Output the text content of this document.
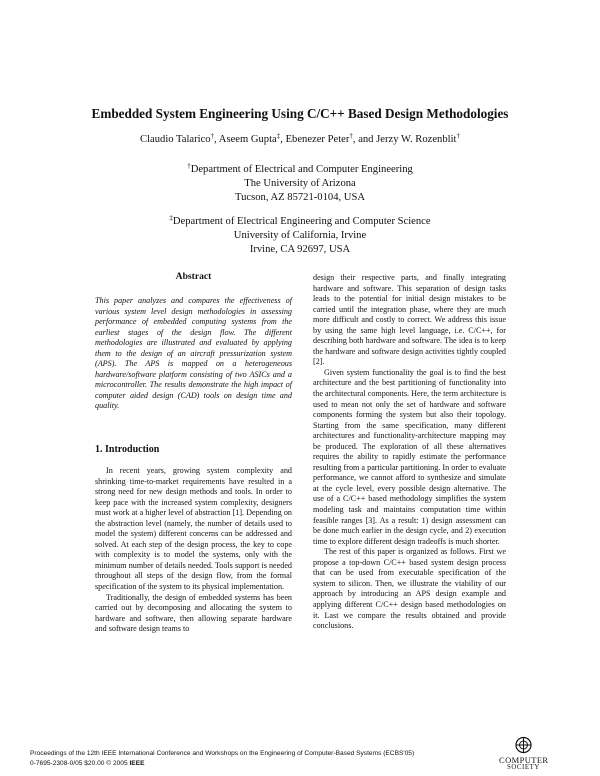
Embedded System Engineering Using C/C++ Based Design Methodologies
Claudio Talarico†, Aseem Gupta‡, Ebenezer Peter†, and Jerzy W. Rozenblit†
†Department of Electrical and Computer Engineering
The University of Arizona
Tucson, AZ 85721-0104, USA
‡Department of Electrical Engineering and Computer Science
University of California, Irvine
Irvine, CA 92697, USA
Abstract

This paper analyzes and compares the effectiveness of various system level design methodologies in assessing performance of embedded computing systems from the earliest stages of the design flow. The different methodologies are illustrated and evaluated by applying them to the design of an aircraft pressurization system (APS). The APS is mapped on a heterogeneous hardware/software platform consisting of two ASICs and a microcontroller. The results demonstrate the high impact of computer aided design (CAD) tools on design time and quality.

1. Introduction

In recent years, growing system complexity and shrinking time-to-market requirements have resulted in a strong need for new design methods and tools. In order to keep pace with the increased system complexity, designers must work at a higher level of abstraction [1]. Depending on the abstraction level (namely, the number of details used to model the system) different concerns can be addressed and solved. At each step of the design process, the key to cope with complexity is to model the systems, only with the minimum number of details needed. Tools support is needed throughout all steps of the design flow, from the formal specification of the system to its physical implementation.

Traditionally, the design of embedded systems has been carried out by decomposing and allocating the system to hardware and software, then allowing separate hardware and software design teams to

design their respective parts, and finally integrating hardware and software. This separation of design tasks leads to the potential for initial design mistakes to be carried until the integration phase, where they are much more difficult and costly to correct. We address this issue by using the same high level language, i.e. C/C++, for describing both hardware and software. The idea is to keep the hardware and software design activities tightly coupled [2].

Given system functionality the goal is to find the best architecture and the best partitioning of functionality into the architectural components. Here, the term architecture is used to mean not only the set of hardware and software components forming the system but also their topology. Starting from the same specification, many different architectures and functionality-architecture mapping may be produced. The exploration of all these alternatives requires the ability to rapidly estimate the performance resulting from a particular partitioning. In order to evaluate performance, we cannot afford to synthesize and simulate at the cycle level, every possible design alternative. The use of a C/C++ based methodology simplifies the system modeling task and maintains computation time within feasible ranges [3]. As a result: 1) design assessment can be done much earlier in the design cycle, and 2) execution time to explore different design tradeoffs is much shorter.

The rest of this paper is organized as follows. First we propose a top-down C/C++ based system design process that can be used from executable specification of the system to silicon. Then, we illustrate the viability of our approach by introducing an APS design example and applying different C/C++ design based methodologies on it. Last we compare the results obtained and provide conclusions.

Proceedings of the 12th IEEE International Conference and Workshops on the Engineering of Computer-Based Systems (ECBS'05)
0-7695-2308-0/05 $20.00 © 2005 IEEE	COMPUTER
SOCIETY
